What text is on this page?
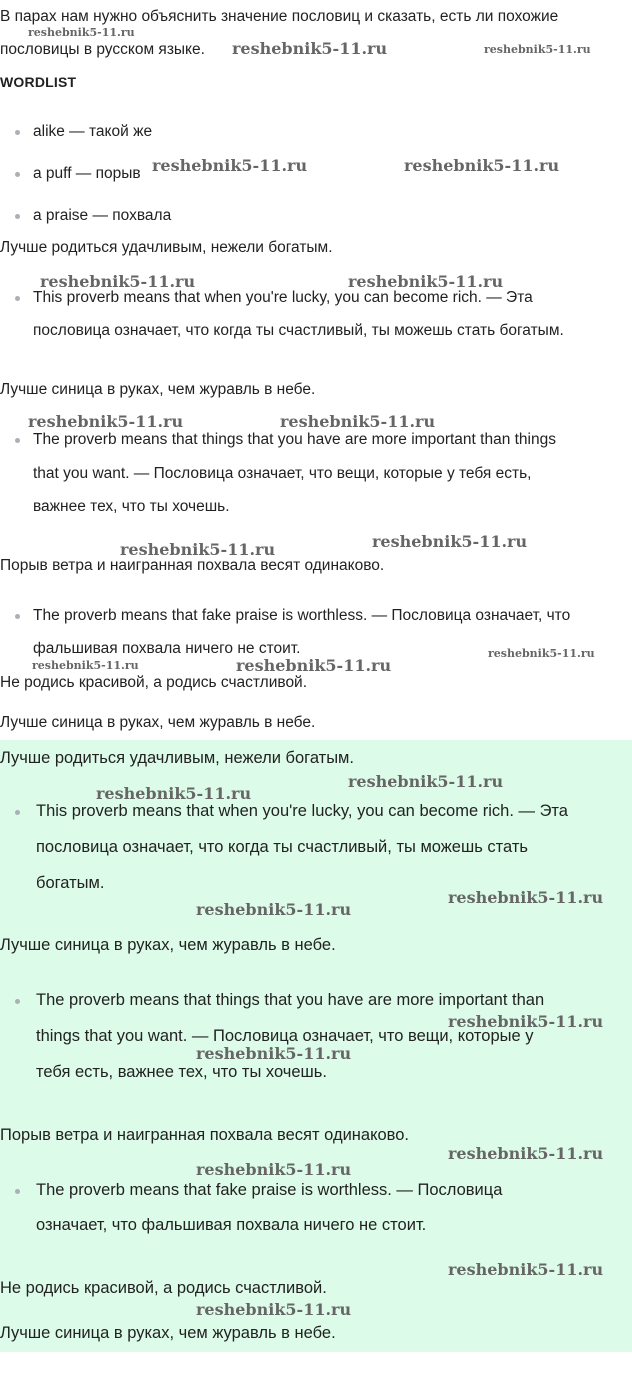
В парах нам нужно объяснить значение пословиц и сказать, есть ли похожие
пословицы в русском языке.
WORDLIST
alike — такой же
a puff — порыв
a praise — похвала
Лучше родиться удачливым, нежели богатым.
This proverb means that when you're lucky, you can become rich. — Эта
пословица означает, что когда ты счастливый, ты можешь стать богатым.
Лучше синица в руках, чем журавль в небе.
The proverb means that things that you have are more important than things
that you want. — Пословица означает, что вещи, которые у тебя есть,
важнее тех, что ты хочешь.
Порыв ветра и наигранная похвала весят одинаково.
The proverb means that fake praise is worthless. — Пословица означает, что
фальшивая похвала ничего не стоит.
Не родись красивой, а родись счастливой.
Лучше синица в руках, чем журавль в небе.
Лучше родиться удачливым, нежели богатым.
This proverb means that when you're lucky, you can become rich. — Эта
пословица означает, что когда ты счастливый, ты можешь стать
богатым.
Лучше синица в руках, чем журавль в небе.
The proverb means that things that you have are more important than
things that you want. — Пословица означает, что вещи, которые у
тебя есть, важнее тех, что ты хочешь.
Порыв ветра и наигранная похвала весят одинаково.
The proverb means that fake praise is worthless. — Пословица
означает, что фальшивая похвала ничего не стоит.
Не родись красивой, а родись счастливой.
Лучше синица в руках, чем журавль в небе.
reshebnik5-11.ru
reshebnik5-11.ru	reshebnik5-11.ru
reshebnik5-11.ru	reshebnik5-11.ru
reshebnik5-11.ru	reshebnik5-11.ru
reshebnik5-11.ru	reshebnik5-11.ru
reshebnik5-11.ru	reshebnik5-11.ru
reshebnik5-11.ru	reshebnik5-11.ru
reshebnik5-11.ru
reshebnik5-11.ru
reshebnik5-11.ru
reshebnik5-11.ru
reshebnik5-11.ru
reshebnik5-11.ru
reshebnik5-11.ru
reshebnik5-11.ru
reshebnik5-11.ru
reshebnik5-11.ru
reshebnik5-11.ru
